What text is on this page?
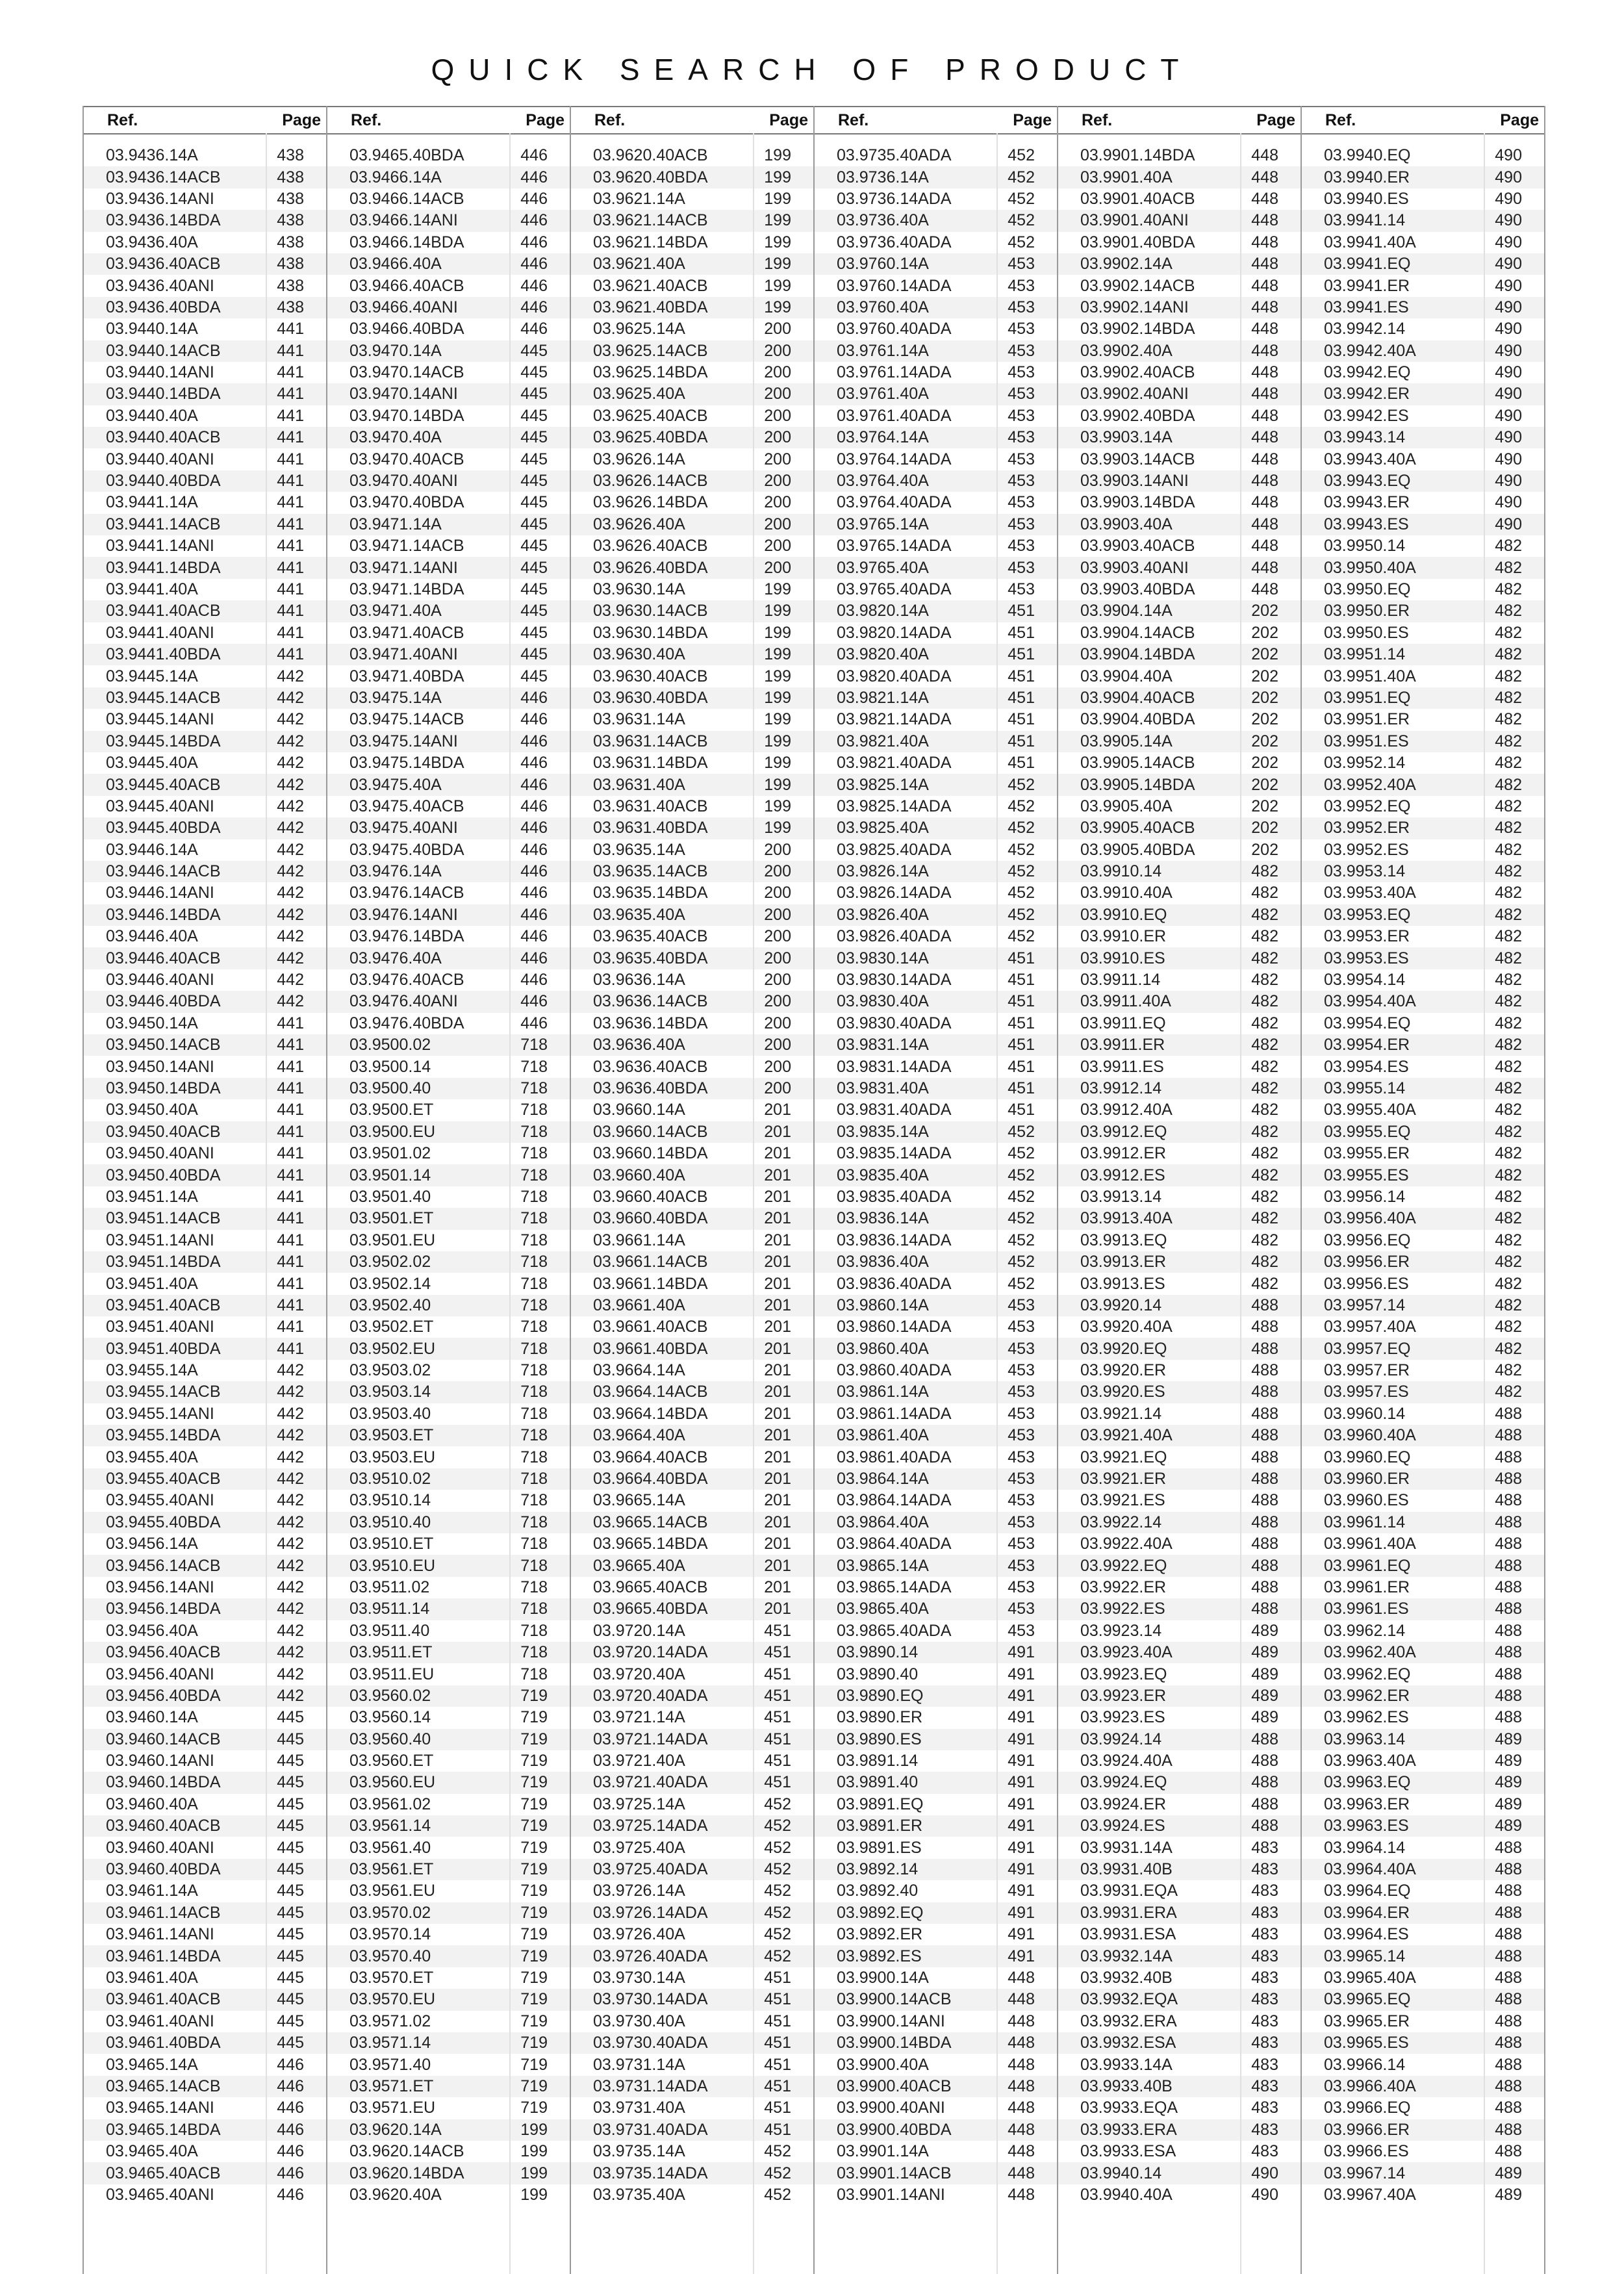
QUICK SEARCH OF PRODUCT
Ref.	Page
03.9436.14A	438
03.9436.14ACB	438
03.9436.14ANI	438
03.9436.14BDA	438
03.9436.40A	438
03.9436.40ACB	438
03.9436.40ANI	438
03.9436.40BDA	438
03.9440.14A	441
03.9440.14ACB	441
03.9440.14ANI	441
03.9440.14BDA	441
03.9440.40A	441
03.9440.40ACB	441
03.9440.40ANI	441
03.9440.40BDA	441
03.9441.14A	441
03.9441.14ACB	441
03.9441.14ANI	441
03.9441.14BDA	441
03.9441.40A	441
03.9441.40ACB	441
03.9441.40ANI	441
03.9441.40BDA	441
03.9445.14A	442
03.9445.14ACB	442
03.9445.14ANI	442
03.9445.14BDA	442
03.9445.40A	442
03.9445.40ACB	442
03.9445.40ANI	442
03.9445.40BDA	442
03.9446.14A	442
03.9446.14ACB	442
03.9446.14ANI	442
03.9446.14BDA	442
03.9446.40A	442
03.9446.40ACB	442
03.9446.40ANI	442
03.9446.40BDA	442
03.9450.14A	441
03.9450.14ACB	441
03.9450.14ANI	441
03.9450.14BDA	441
03.9450.40A	441
03.9450.40ACB	441
03.9450.40ANI	441
03.9450.40BDA	441
03.9451.14A	441
03.9451.14ACB	441
03.9451.14ANI	441
03.9451.14BDA	441
03.9451.40A	441
03.9451.40ACB	441
03.9451.40ANI	441
03.9451.40BDA	441
03.9455.14A	442
03.9455.14ACB	442
03.9455.14ANI	442
03.9455.14BDA	442
03.9455.40A	442
03.9455.40ACB	442
03.9455.40ANI	442
03.9455.40BDA	442
03.9456.14A	442
03.9456.14ACB	442
03.9456.14ANI	442
03.9456.14BDA	442
03.9456.40A	442
03.9456.40ACB	442
03.9456.40ANI	442
03.9456.40BDA	442
03.9460.14A	445
03.9460.14ACB	445
03.9460.14ANI	445
03.9460.14BDA	445
03.9460.40A	445
03.9460.40ACB	445
03.9460.40ANI	445
03.9460.40BDA	445
03.9461.14A	445
03.9461.14ACB	445
03.9461.14ANI	445
03.9461.14BDA	445
03.9461.40A	445
03.9461.40ACB	445
03.9461.40ANI	445
03.9461.40BDA	445
03.9465.14A	446
03.9465.14ACB	446
03.9465.14ANI	446
03.9465.14BDA	446
03.9465.40A	446
03.9465.40ACB	446
03.9465.40ANI	446
Ref.	Page
03.9465.40BDA	446
03.9466.14A	446
03.9466.14ACB	446
03.9466.14ANI	446
03.9466.14BDA	446
03.9466.40A	446
03.9466.40ACB	446
03.9466.40ANI	446
03.9466.40BDA	446
03.9470.14A	445
03.9470.14ACB	445
03.9470.14ANI	445
03.9470.14BDA	445
03.9470.40A	445
03.9470.40ACB	445
03.9470.40ANI	445
03.9470.40BDA	445
03.9471.14A	445
03.9471.14ACB	445
03.9471.14ANI	445
03.9471.14BDA	445
03.9471.40A	445
03.9471.40ACB	445
03.9471.40ANI	445
03.9471.40BDA	445
03.9475.14A	446
03.9475.14ACB	446
03.9475.14ANI	446
03.9475.14BDA	446
03.9475.40A	446
03.9475.40ACB	446
03.9475.40ANI	446
03.9475.40BDA	446
03.9476.14A	446
03.9476.14ACB	446
03.9476.14ANI	446
03.9476.14BDA	446
03.9476.40A	446
03.9476.40ACB	446
03.9476.40ANI	446
03.9476.40BDA	446
03.9500.02	718
03.9500.14	718
03.9500.40	718
03.9500.ET	718
03.9500.EU	718
03.9501.02	718
03.9501.14	718
03.9501.40	718
03.9501.ET	718
03.9501.EU	718
03.9502.02	718
03.9502.14	718
03.9502.40	718
03.9502.ET	718
03.9502.EU	718
03.9503.02	718
03.9503.14	718
03.9503.40	718
03.9503.ET	718
03.9503.EU	718
03.9510.02	718
03.9510.14	718
03.9510.40	718
03.9510.ET	718
03.9510.EU	718
03.9511.02	718
03.9511.14	718
03.9511.40	718
03.9511.ET	718
03.9511.EU	718
03.9560.02	719
03.9560.14	719
03.9560.40	719
03.9560.ET	719
03.9560.EU	719
03.9561.02	719
03.9561.14	719
03.9561.40	719
03.9561.ET	719
03.9561.EU	719
03.9570.02	719
03.9570.14	719
03.9570.40	719
03.9570.ET	719
03.9570.EU	719
03.9571.02	719
03.9571.14	719
03.9571.40	719
03.9571.ET	719
03.9571.EU	719
03.9620.14A	199
03.9620.14ACB	199
03.9620.14BDA	199
03.9620.40A	199
Ref.	Page
03.9620.40ACB	199
03.9620.40BDA	199
03.9621.14A	199
03.9621.14ACB	199
03.9621.14BDA	199
03.9621.40A	199
03.9621.40ACB	199
03.9621.40BDA	199
03.9625.14A	200
03.9625.14ACB	200
03.9625.14BDA	200
03.9625.40A	200
03.9625.40ACB	200
03.9625.40BDA	200
03.9626.14A	200
03.9626.14ACB	200
03.9626.14BDA	200
03.9626.40A	200
03.9626.40ACB	200
03.9626.40BDA	200
03.9630.14A	199
03.9630.14ACB	199
03.9630.14BDA	199
03.9630.40A	199
03.9630.40ACB	199
03.9630.40BDA	199
03.9631.14A	199
03.9631.14ACB	199
03.9631.14BDA	199
03.9631.40A	199
03.9631.40ACB	199
03.9631.40BDA	199
03.9635.14A	200
03.9635.14ACB	200
03.9635.14BDA	200
03.9635.40A	200
03.9635.40ACB	200
03.9635.40BDA	200
03.9636.14A	200
03.9636.14ACB	200
03.9636.14BDA	200
03.9636.40A	200
03.9636.40ACB	200
03.9636.40BDA	200
03.9660.14A	201
03.9660.14ACB	201
03.9660.14BDA	201
03.9660.40A	201
03.9660.40ACB	201
03.9660.40BDA	201
03.9661.14A	201
03.9661.14ACB	201
03.9661.14BDA	201
03.9661.40A	201
03.9661.40ACB	201
03.9661.40BDA	201
03.9664.14A	201
03.9664.14ACB	201
03.9664.14BDA	201
03.9664.40A	201
03.9664.40ACB	201
03.9664.40BDA	201
03.9665.14A	201
03.9665.14ACB	201
03.9665.14BDA	201
03.9665.40A	201
03.9665.40ACB	201
03.9665.40BDA	201
03.9720.14A	451
03.9720.14ADA	451
03.9720.40A	451
03.9720.40ADA	451
03.9721.14A	451
03.9721.14ADA	451
03.9721.40A	451
03.9721.40ADA	451
03.9725.14A	452
03.9725.14ADA	452
03.9725.40A	452
03.9725.40ADA	452
03.9726.14A	452
03.9726.14ADA	452
03.9726.40A	452
03.9726.40ADA	452
03.9730.14A	451
03.9730.14ADA	451
03.9730.40A	451
03.9730.40ADA	451
03.9731.14A	451
03.9731.14ADA	451
03.9731.40A	451
03.9731.40ADA	451
03.9735.14A	452
03.9735.14ADA	452
03.9735.40A	452
Ref.	Page
03.9735.40ADA	452
03.9736.14A	452
03.9736.14ADA	452
03.9736.40A	452
03.9736.40ADA	452
03.9760.14A	453
03.9760.14ADA	453
03.9760.40A	453
03.9760.40ADA	453
03.9761.14A	453
03.9761.14ADA	453
03.9761.40A	453
03.9761.40ADA	453
03.9764.14A	453
03.9764.14ADA	453
03.9764.40A	453
03.9764.40ADA	453
03.9765.14A	453
03.9765.14ADA	453
03.9765.40A	453
03.9765.40ADA	453
03.9820.14A	451
03.9820.14ADA	451
03.9820.40A	451
03.9820.40ADA	451
03.9821.14A	451
03.9821.14ADA	451
03.9821.40A	451
03.9821.40ADA	451
03.9825.14A	452
03.9825.14ADA	452
03.9825.40A	452
03.9825.40ADA	452
03.9826.14A	452
03.9826.14ADA	452
03.9826.40A	452
03.9826.40ADA	452
03.9830.14A	451
03.9830.14ADA	451
03.9830.40A	451
03.9830.40ADA	451
03.9831.14A	451
03.9831.14ADA	451
03.9831.40A	451
03.9831.40ADA	451
03.9835.14A	452
03.9835.14ADA	452
03.9835.40A	452
03.9835.40ADA	452
03.9836.14A	452
03.9836.14ADA	452
03.9836.40A	452
03.9836.40ADA	452
03.9860.14A	453
03.9860.14ADA	453
03.9860.40A	453
03.9860.40ADA	453
03.9861.14A	453
03.9861.14ADA	453
03.9861.40A	453
03.9861.40ADA	453
03.9864.14A	453
03.9864.14ADA	453
03.9864.40A	453
03.9864.40ADA	453
03.9865.14A	453
03.9865.14ADA	453
03.9865.40A	453
03.9865.40ADA	453
03.9890.14	491
03.9890.40	491
03.9890.EQ	491
03.9890.ER	491
03.9890.ES	491
03.9891.14	491
03.9891.40	491
03.9891.EQ	491
03.9891.ER	491
03.9891.ES	491
03.9892.14	491
03.9892.40	491
03.9892.EQ	491
03.9892.ER	491
03.9892.ES	491
03.9900.14A	448
03.9900.14ACB	448
03.9900.14ANI	448
03.9900.14BDA	448
03.9900.40A	448
03.9900.40ACB	448
03.9900.40ANI	448
03.9900.40BDA	448
03.9901.14A	448
03.9901.14ACB	448
03.9901.14ANI	448
Ref.	Page
03.9901.14BDA	448
03.9901.40A	448
03.9901.40ACB	448
03.9901.40ANI	448
03.9901.40BDA	448
03.9902.14A	448
03.9902.14ACB	448
03.9902.14ANI	448
03.9902.14BDA	448
03.9902.40A	448
03.9902.40ACB	448
03.9902.40ANI	448
03.9902.40BDA	448
03.9903.14A	448
03.9903.14ACB	448
03.9903.14ANI	448
03.9903.14BDA	448
03.9903.40A	448
03.9903.40ACB	448
03.9903.40ANI	448
03.9903.40BDA	448
03.9904.14A	202
03.9904.14ACB	202
03.9904.14BDA	202
03.9904.40A	202
03.9904.40ACB	202
03.9904.40BDA	202
03.9905.14A	202
03.9905.14ACB	202
03.9905.14BDA	202
03.9905.40A	202
03.9905.40ACB	202
03.9905.40BDA	202
03.9910.14	482
03.9910.40A	482
03.9910.EQ	482
03.9910.ER	482
03.9910.ES	482
03.9911.14	482
03.9911.40A	482
03.9911.EQ	482
03.9911.ER	482
03.9911.ES	482
03.9912.14	482
03.9912.40A	482
03.9912.EQ	482
03.9912.ER	482
03.9912.ES	482
03.9913.14	482
03.9913.40A	482
03.9913.EQ	482
03.9913.ER	482
03.9913.ES	482
03.9920.14	488
03.9920.40A	488
03.9920.EQ	488
03.9920.ER	488
03.9920.ES	488
03.9921.14	488
03.9921.40A	488
03.9921.EQ	488
03.9921.ER	488
03.9921.ES	488
03.9922.14	488
03.9922.40A	488
03.9922.EQ	488
03.9922.ER	488
03.9922.ES	488
03.9923.14	489
03.9923.40A	489
03.9923.EQ	489
03.9923.ER	489
03.9923.ES	489
03.9924.14	488
03.9924.40A	488
03.9924.EQ	488
03.9924.ER	488
03.9924.ES	488
03.9931.14A	483
03.9931.40B	483
03.9931.EQA	483
03.9931.ERA	483
03.9931.ESA	483
03.9932.14A	483
03.9932.40B	483
03.9932.EQA	483
03.9932.ERA	483
03.9932.ESA	483
03.9933.14A	483
03.9933.40B	483
03.9933.EQA	483
03.9933.ERA	483
03.9933.ESA	483
03.9940.14	490
03.9940.40A	490
Ref.	Page
03.9940.EQ	490
03.9940.ER	490
03.9940.ES	490
03.9941.14	490
03.9941.40A	490
03.9941.EQ	490
03.9941.ER	490
03.9941.ES	490
03.9942.14	490
03.9942.40A	490
03.9942.EQ	490
03.9942.ER	490
03.9942.ES	490
03.9943.14	490
03.9943.40A	490
03.9943.EQ	490
03.9943.ER	490
03.9943.ES	490
03.9950.14	482
03.9950.40A	482
03.9950.EQ	482
03.9950.ER	482
03.9950.ES	482
03.9951.14	482
03.9951.40A	482
03.9951.EQ	482
03.9951.ER	482
03.9951.ES	482
03.9952.14	482
03.9952.40A	482
03.9952.EQ	482
03.9952.ER	482
03.9952.ES	482
03.9953.14	482
03.9953.40A	482
03.9953.EQ	482
03.9953.ER	482
03.9953.ES	482
03.9954.14	482
03.9954.40A	482
03.9954.EQ	482
03.9954.ER	482
03.9954.ES	482
03.9955.14	482
03.9955.40A	482
03.9955.EQ	482
03.9955.ER	482
03.9955.ES	482
03.9956.14	482
03.9956.40A	482
03.9956.EQ	482
03.9956.ER	482
03.9956.ES	482
03.9957.14	482
03.9957.40A	482
03.9957.EQ	482
03.9957.ER	482
03.9957.ES	482
03.9960.14	488
03.9960.40A	488
03.9960.EQ	488
03.9960.ER	488
03.9960.ES	488
03.9961.14	488
03.9961.40A	488
03.9961.EQ	488
03.9961.ER	488
03.9961.ES	488
03.9962.14	488
03.9962.40A	488
03.9962.EQ	488
03.9962.ER	488
03.9962.ES	488
03.9963.14	489
03.9963.40A	489
03.9963.EQ	489
03.9963.ER	489
03.9963.ES	489
03.9964.14	488
03.9964.40A	488
03.9964.EQ	488
03.9964.ER	488
03.9964.ES	488
03.9965.14	488
03.9965.40A	488
03.9965.EQ	488
03.9965.ER	488
03.9965.ES	488
03.9966.14	488
03.9966.40A	488
03.9966.EQ	488
03.9966.ER	488
03.9966.ES	488
03.9967.14	489
03.9967.40A	489
